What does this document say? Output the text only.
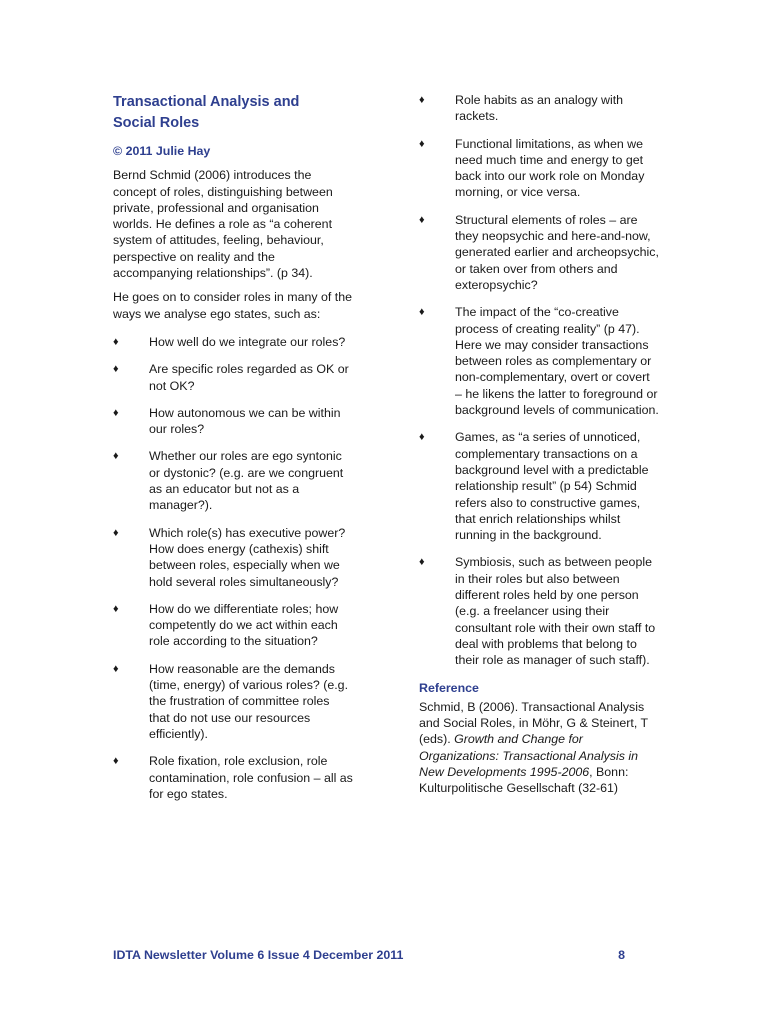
Transactional Analysis and
Social Roles
© 2011 Julie Hay

Bernd Schmid (2006) introduces the concept of roles, distinguishing between private, professional and organisation worlds. He defines a role as “a coherent system of attitudes, feeling, behaviour, perspective on reality and the accompanying relationships”. (p 34).

He goes on to consider roles in many of the ways we analyse ego states, such as:

♦ How well do we integrate our roles?
♦ Are specific roles regarded as OK or not OK?
♦ How autonomous we can be within our roles?
♦ Whether our roles are ego syntonic or dystonic? (e.g. are we congruent as an educator but not as a manager?).
♦ Which role(s) has executive power? How does energy (cathexis) shift between roles, especially when we hold several roles simultaneously?
♦ How do we differentiate roles; how competently do we act within each role according to the situation?
♦ How reasonable are the demands (time, energy) of various roles? (e.g. the frustration of committee roles that do not use our resources efficiently).
♦ Role fixation, role exclusion, role contamination, role confusion – all as for ego states.
♦ Role habits as an analogy with rackets.
♦ Functional limitations, as when we need much time and energy to get back into our work role on Monday morning, or vice versa.
♦ Structural elements of roles – are they neopsychic and here-and-now, generated earlier and archeopsychic, or taken over from others and exteropsychic?
♦ The impact of the “co-creative process of creating reality” (p 47). Here we may consider transactions between roles as complementary or non-complementary, overt or covert – he likens the latter to foreground or background levels of communication.
♦ Games, as “a series of unnoticed, complementary transactions on a background level with a predictable relationship result” (p 54) Schmid refers also to constructive games, that enrich relationships whilst running in the background.
♦ Symbiosis, such as between people in their roles but also between different roles held by one person (e.g. a freelancer using their consultant role with their own staff to deal with problems that belong to their role as manager of such staff).
Reference

Schmid, B (2006). Transactional Analysis and Social Roles, in Möhr, G & Steinert, T (eds). Growth and Change for Organizations: Transactional Analysis in New Developments 1995-2006, Bonn: Kulturpolitische Gesellschaft (32-61)

IDTA Newsletter Volume 6 Issue 4 December 2011	8
